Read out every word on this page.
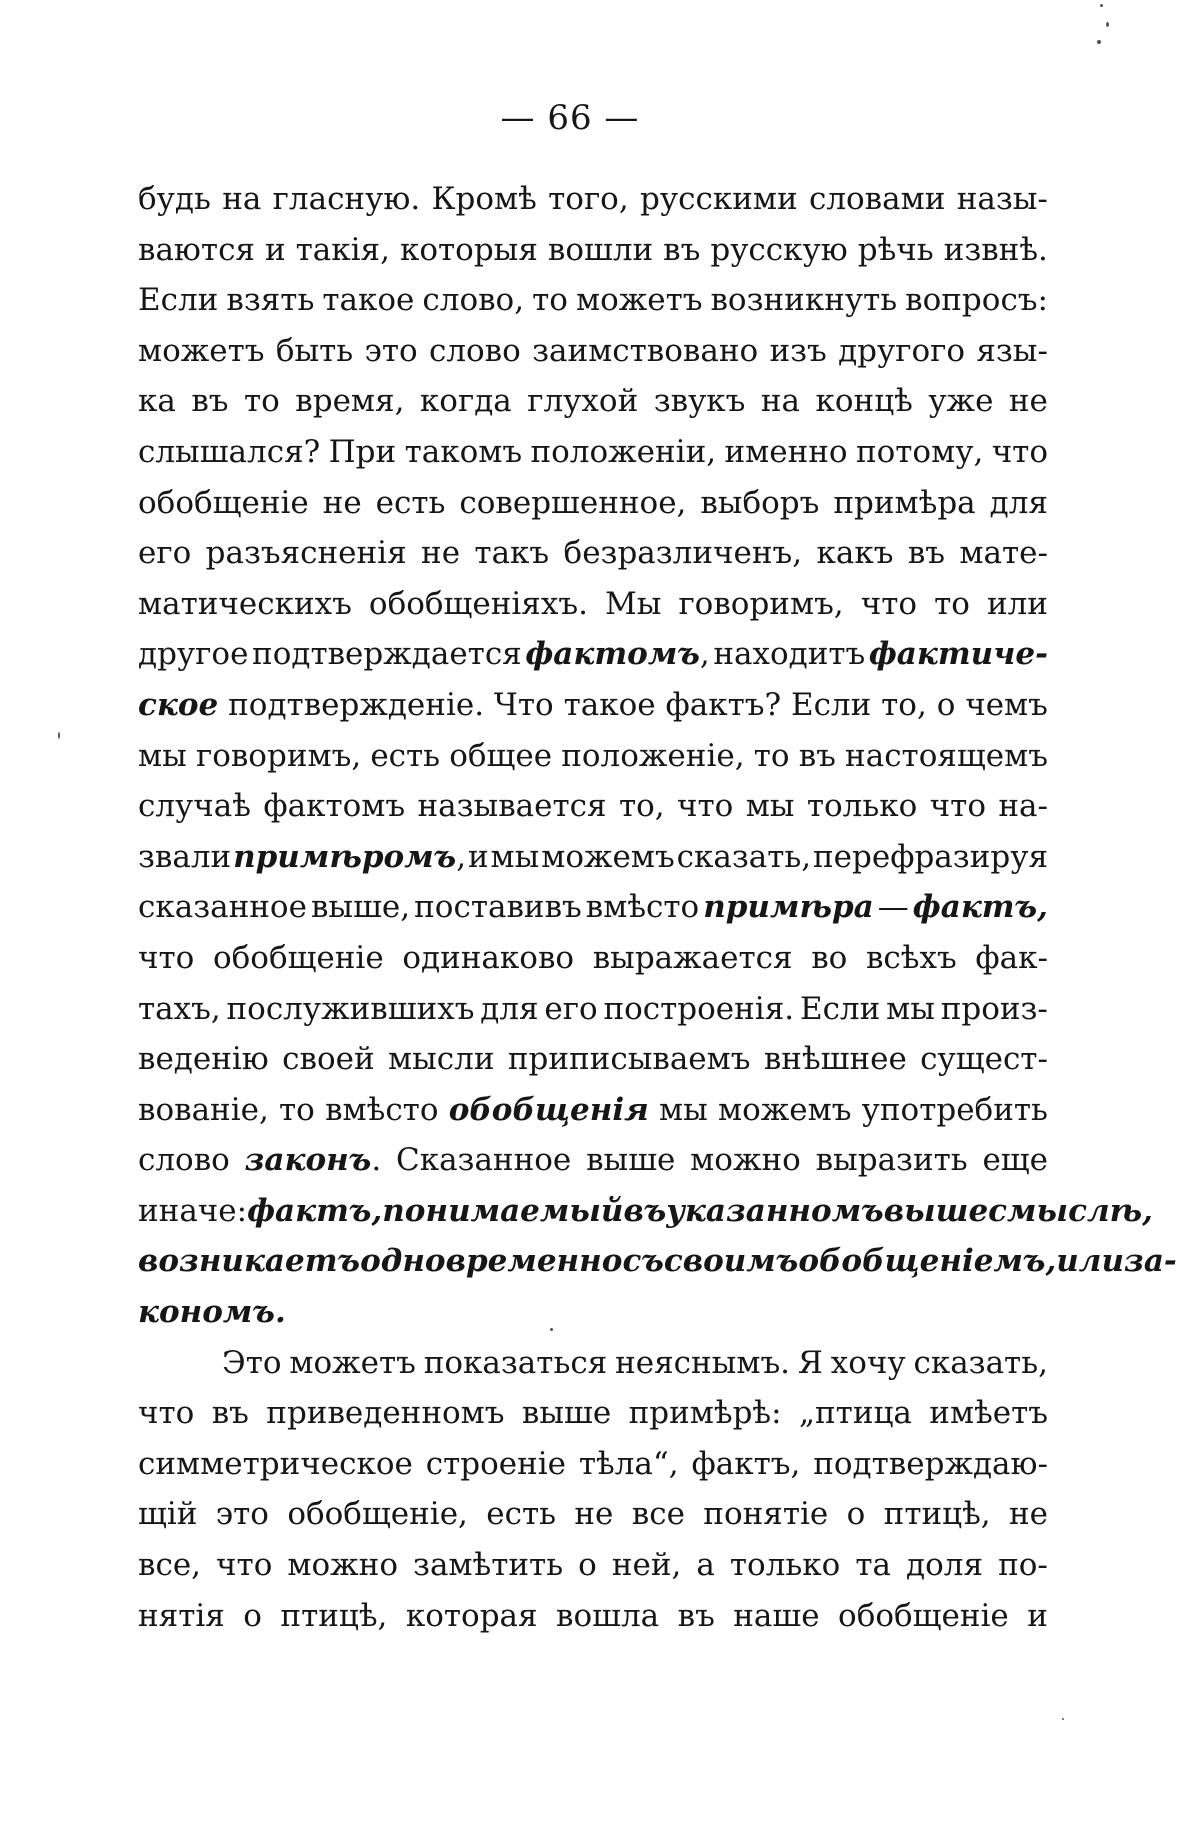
— 66 —
будь на гласную. Кромѣ того, русскими словами назы-
ваются и такія, которыя вошли въ русскую рѣчь извнѣ.
Если взять такое слово, то можетъ возникнуть вопросъ:
можетъ быть это слово заимствовано изъ другого язы-
ка въ то время, когда глухой звукъ на концѣ уже не
слышался? При такомъ положеніи, именно потому, что
обобщеніе не есть совершенное, выборъ примѣра для
его разъясненія не такъ безразличенъ, какъ въ мате-
матическихъ обобщеніяхъ. Мы говоримъ, что то или
другое подтверждается фактомъ, находитъ фактиче-
ское подтвержденіе. Что такое фактъ? Если то, о чемъ
мы говоримъ, есть общее положеніе, то въ настоящемъ
случаѣ фактомъ называется то, что мы только что на-
звали примѣромъ, и мы можемъ сказать, перефразируя
сказанное выше, поставивъ вмѣсто примѣра — фактъ,
что обобщеніе одинаково выражается во всѣхъ фак-
тахъ, послужившихъ для его построенія. Если мы произ-
веденію своей мысли приписываемъ внѣшнее сущест-
вованіе, то вмѣсто обобщенія мы можемъ употребить
слово законъ. Сказанное выше можно выразить еще
иначе: фактъ, понимаемый въ указанномъ выше смыслѣ,
возникаетъ одновременно съ своимъ обобщеніемъ, или за-
кономъ.
Это можетъ показаться неяснымъ. Я хочу сказать,
что въ приведенномъ выше примѣрѣ: „птица имѣетъ
симметрическое строеніе тѣла“, фактъ, подтверждаю-
щій это обобщеніе, есть не все понятіе о птицѣ, не
все, что можно замѣтить о ней, а только та доля по-
нятія о птицѣ, которая вошла въ наше обобщеніе и
